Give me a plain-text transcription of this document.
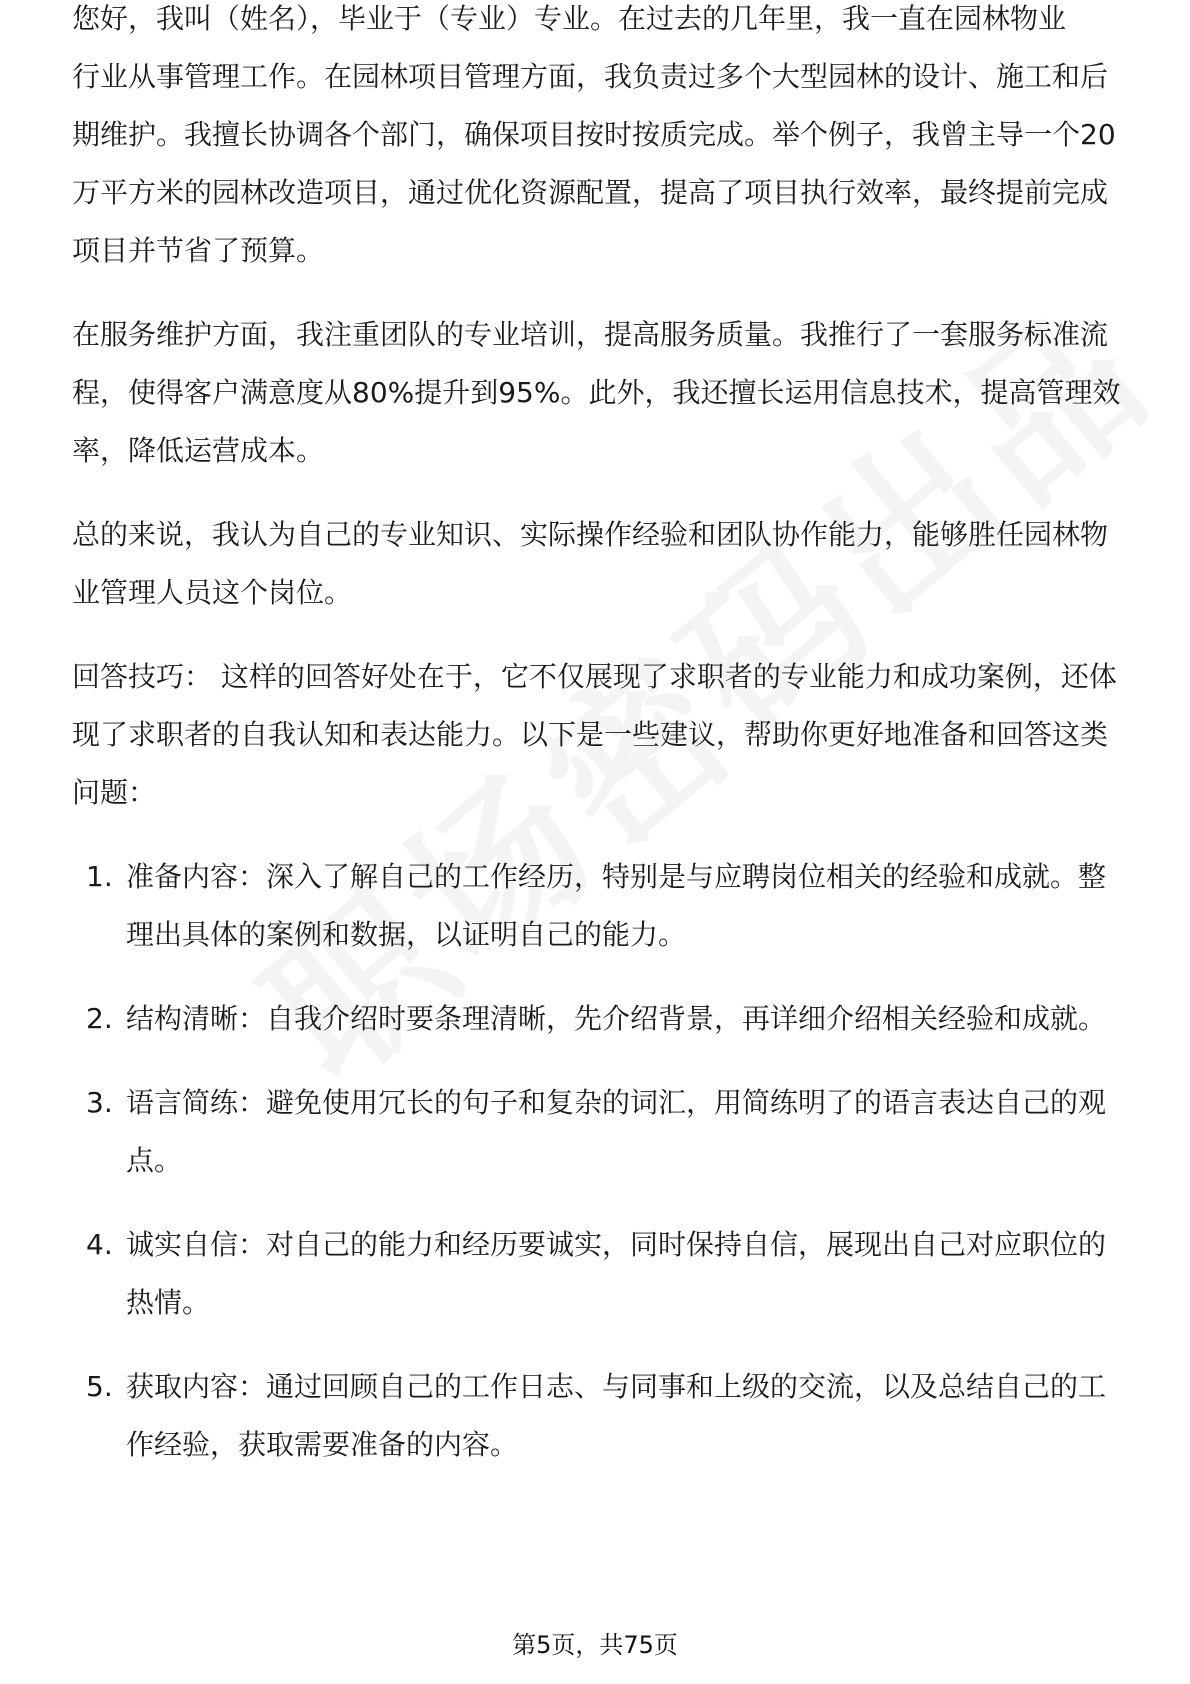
您好，我叫（姓名），毕业于（专业）专业。在过去的几年里，我一直在园林物业

行业从事管理工作。在园林项目管理方面，我负责过多个大型园林的设计、施工和后期维护。我擅长协调各个部门，确保项目按时按质完成。举个例子，我曾主导一个20万平方米的园林改造项目，通过优化资源配置，提高了项目执行效率，最终提前完成项目并节省了预算。

在服务维护方面，我注重团队的专业培训，提高服务质量。我推行了一套服务标准流程，使得客户满意度从80%提升到95%。此外，我还擅长运用信息技术，提高管理效率，降低运营成本。

总的来说，我认为自己的专业知识、实际操作经验和团队协作能力，能够胜任园林物业管理人员这个岗位。

回答技巧： 这样的回答好处在于，它不仅展现了求职者的专业能力和成功案例，还体现了求职者的自我认知和表达能力。以下是一些建议，帮助你更好地准备和回答这类问题：

1. 准备内容：深入了解自己的工作经历，特别是与应聘岗位相关的经验和成就。整理出具体的案例和数据，以证明自己的能力。
2. 结构清晰：自我介绍时要条理清晰，先介绍背景，再详细介绍相关经验和成就。
3. 语言简练：避免使用冗长的句子和复杂的词汇，用简练明了的语言表达自己的观点。
4. 诚实自信：对自己的能力和经历要诚实，同时保持自信，展现出自己对应职位的热情。
5. 获取内容：通过回顾自己的工作日志、与同事和上级的交流，以及总结自己的工作经验，获取需要准备的内容。
第5页，共75页
